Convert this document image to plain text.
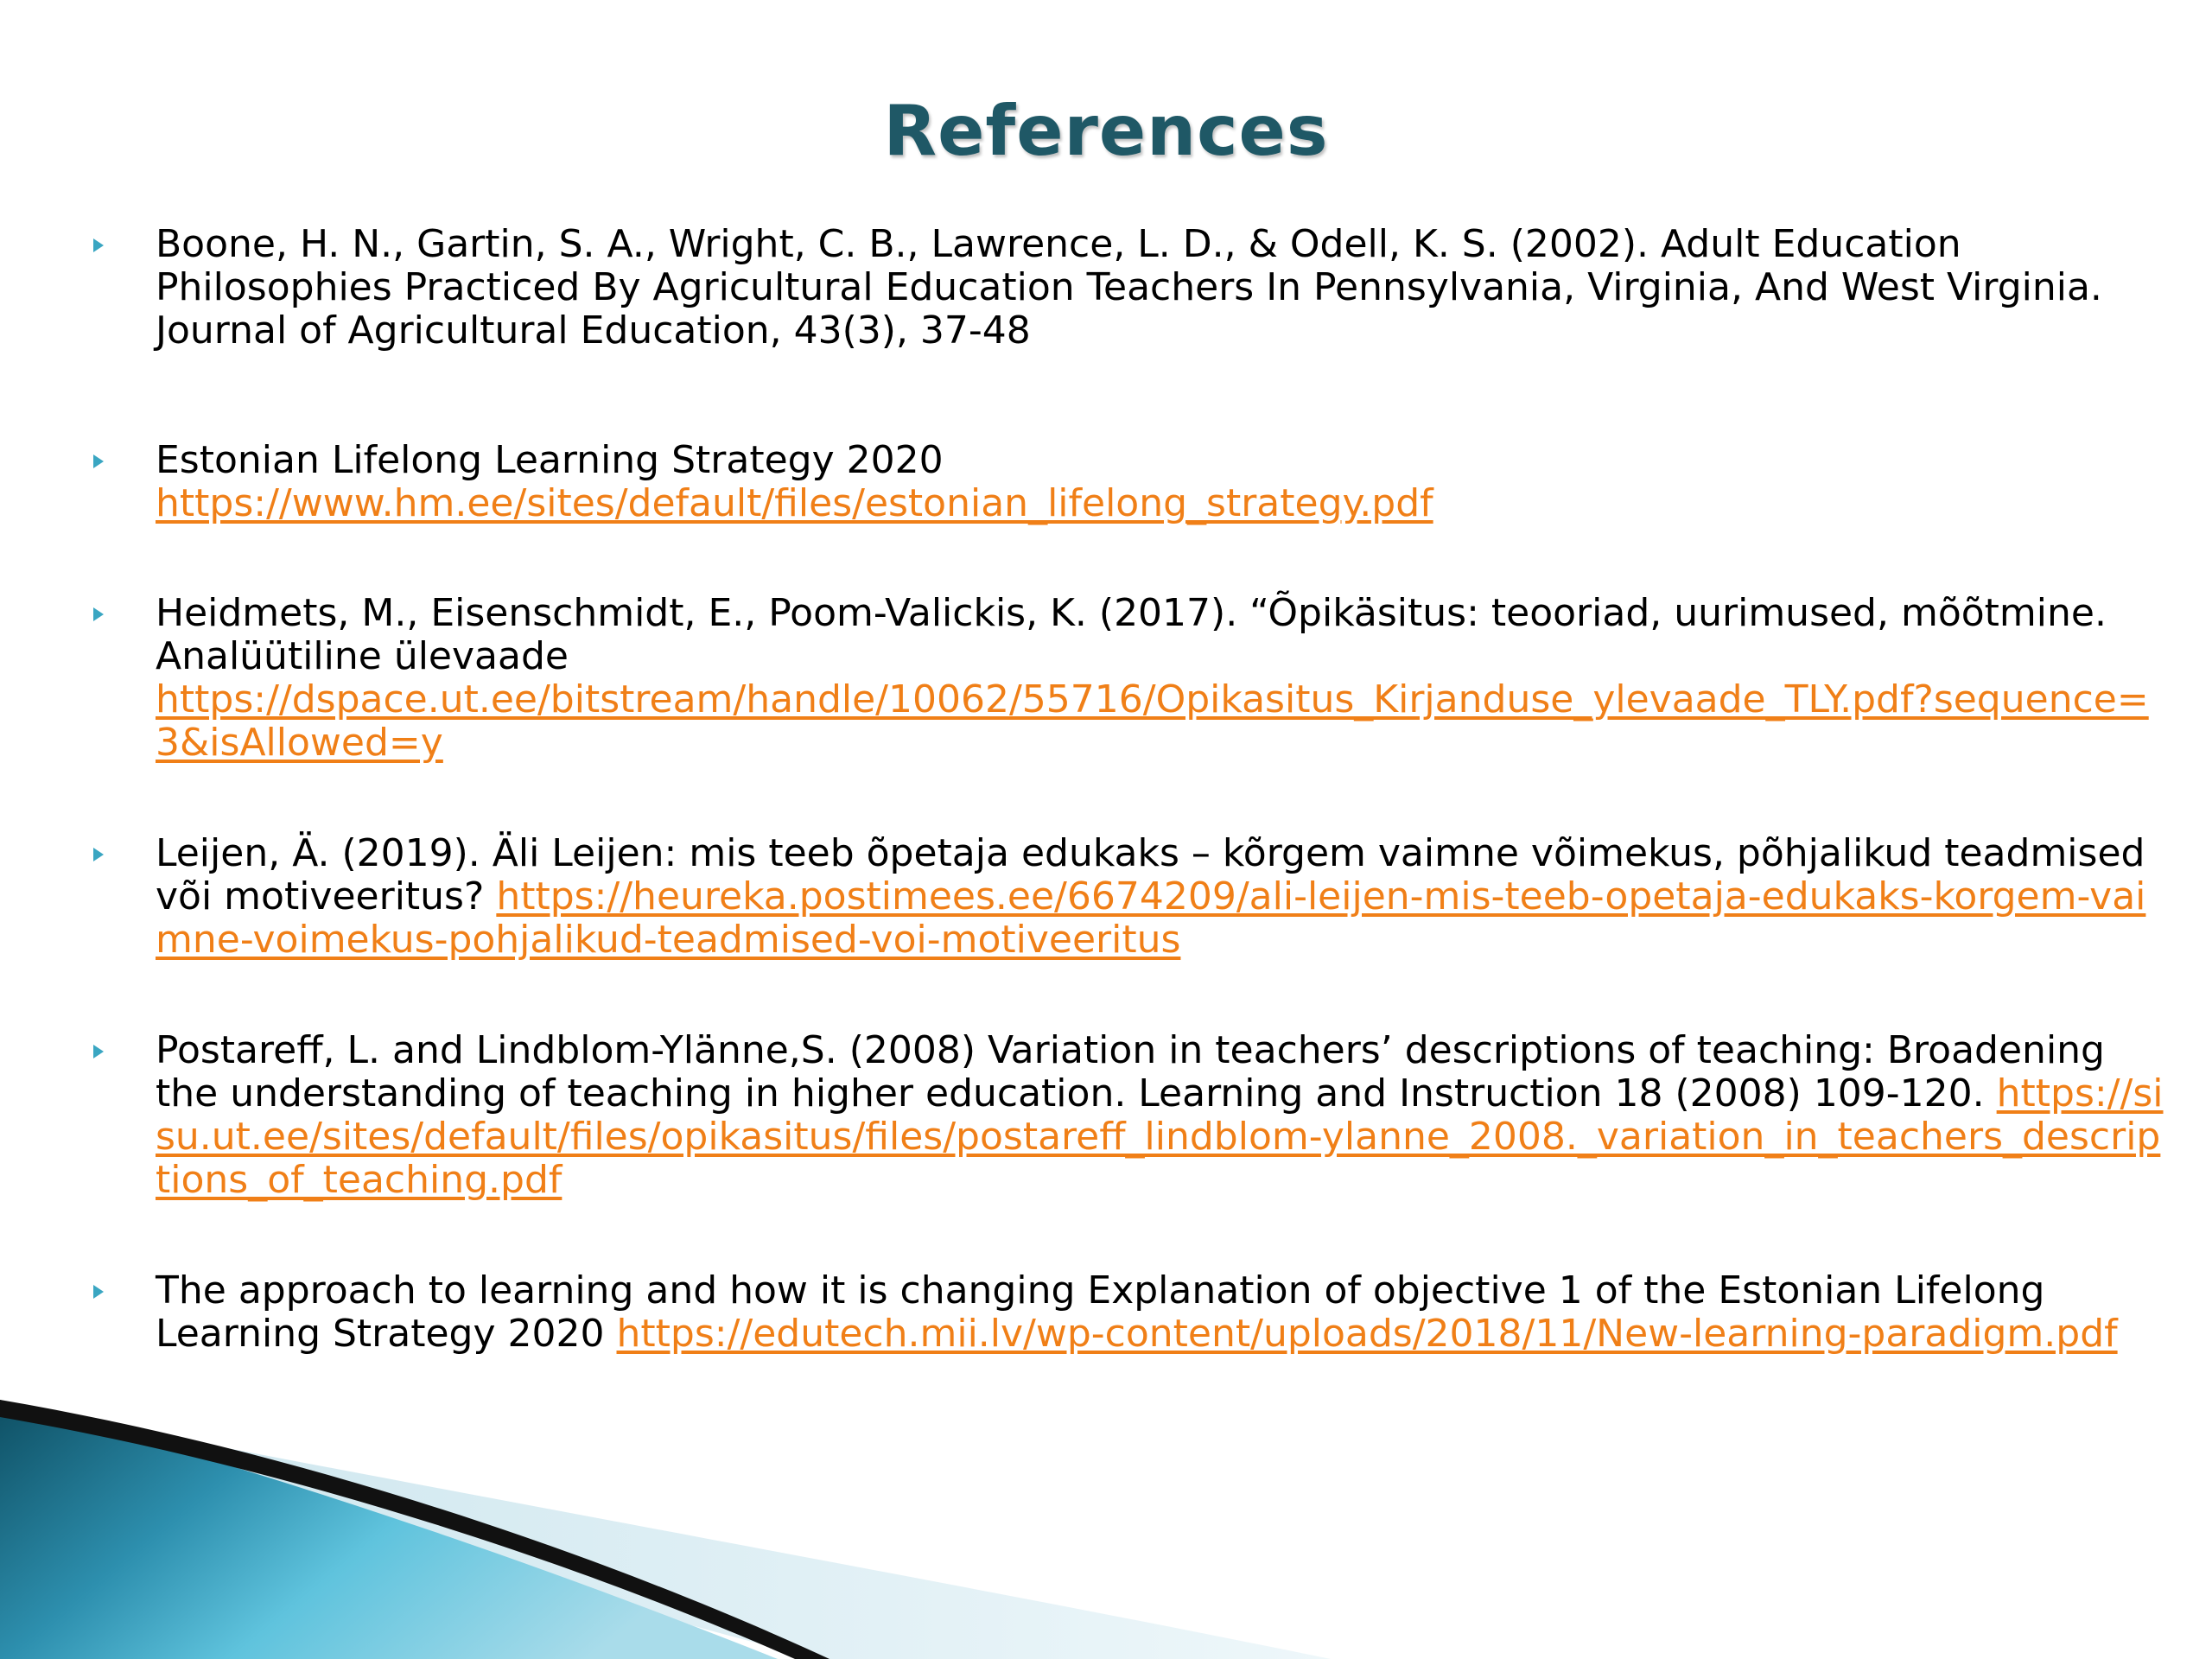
References
Boone, H. N., Gartin, S. A., Wright, C. B., Lawrence, L. D., & Odell, K. S. (2002). Adult Education Philosophies Practiced By Agricultural Education Teachers In Pennsylvania, Virginia, And West Virginia. Journal of Agricultural Education, 43(3), 37-48
Estonian Lifelong Learning Strategy 2020
https://www.hm.ee/sites/default/files/estonian_lifelong_strategy.pdf
Heidmets, M., Eisenschmidt, E., Poom-Valickis, K. (2017). “Õpikäsitus: teooriad, uurimused, mõõtmine. Analüütiline ülevaade
https://dspace.ut.ee/bitstream/handle/10062/55716/Opikasitus_Kirjanduse_ylevaade_TLY.pdf?sequence=3&isAllowed=y
Leijen, Ä. (2019). Äli Leijen: mis teeb õpetaja edukaks – kõrgem vaimne võimekus, põhjalikud teadmised või motiveeritus? https://heureka.postimees.ee/6674209/ali-leijen-mis-teeb-opetaja-edukaks-korgem-vaimne-voimekus-pohjalikud-teadmised-voi-motiveeritus
Postareff, L. and Lindblom-Ylänne,S. (2008) Variation in teachers’ descriptions of teaching: Broadening the understanding of teaching in higher education. Learning and Instruction 18 (2008) 109-120. https://sisu.ut.ee/sites/default/files/opikasitus/files/postareff_lindblom-ylanne_2008._variation_in_teachers_descriptions_of_teaching.pdf
The approach to learning and how it is changing Explanation of objective 1 of the Estonian Lifelong Learning Strategy 2020 https://edutech.mii.lv/wp-content/uploads/2018/11/New-learning-paradigm.pdf
